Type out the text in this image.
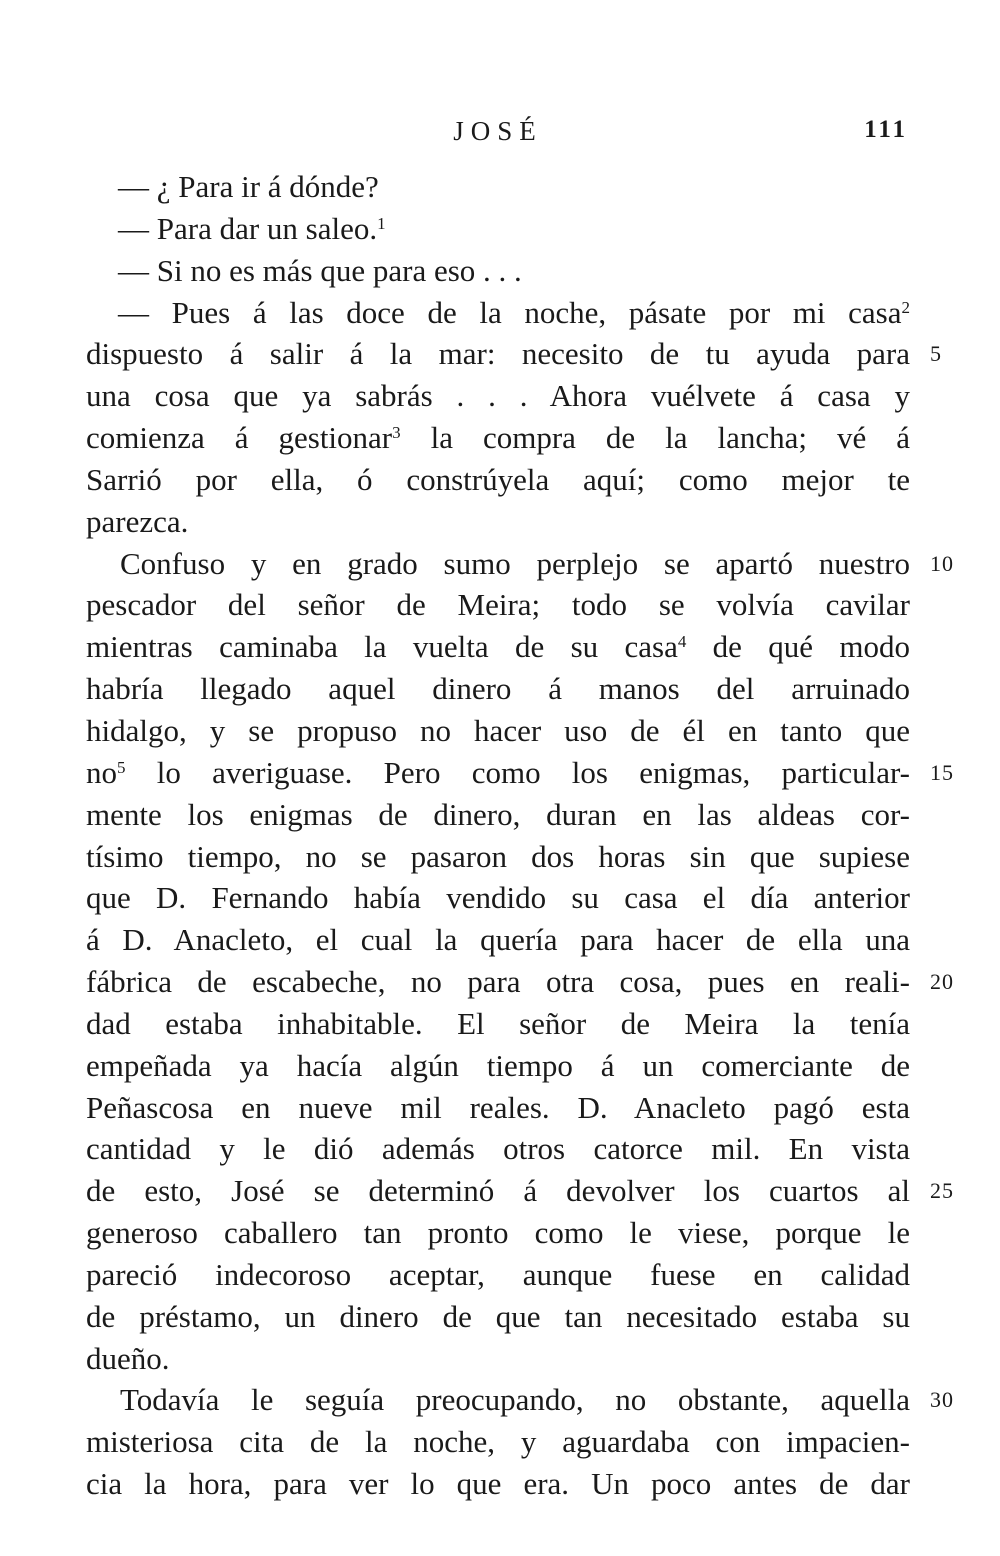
JOSÉ	111
— ¿ Para ir á dónde?
— Para dar un saleo.$^1$
— Si no es más que para eso . . .
— Pues á las doce de la noche, pásate por mi casa$^2$
dispuesto á salir á la mar: necesito de tu ayuda para 5
una cosa que ya sabrás . . . Ahora vuélvete á casa y
comienza á gestionar$^3$ la compra de la lancha; vé á
Sarrió por ella, ó constrúyela aquí; como mejor te
parezca.
Confuso y en grado sumo perplejo se apartó nuestro 10
pescador del señor de Meira; todo se volvía cavilar
mientras caminaba la vuelta de su casa$^4$ de qué modo
habría llegado aquel dinero á manos del arruinado
hidalgo, y se propuso no hacer uso de él en tanto que
$no^5$ lo averiguase. Pero como los enigmas, particular- 15
mente los enigmas de dinero, duran en las aldeas cor-
tísimo tiempo, no se pasaron dos horas sin que supiese
que D. Fernando había vendido su casa el día anterior
á D. Anacleto, el cual la quería para hacer de ella una
fábrica de escabeche, no para otra cosa, pues en reali- 20
dad estaba inhabitable. El señor de Meira la tenía
empeñada ya hacía algún tiempo á un comerciante de
Peñascosa en nueve mil reales. D. Anacleto pagó esta
cantidad y le dió además otros catorce mil. En vista
de esto, José se determinó á devolver los cuartos al 25
generoso caballero tan pronto como le viese, porque le
pareció indecoroso aceptar, aunque fuese en calidad
de préstamo, un dinero de que tan necesitado estaba su
dueño.
Todavía le seguía preocupando, no obstante, aquella 30
misteriosa cita de la noche, y aguardaba con impacien-
cia la hora, para ver lo que era. Un poco antes de dar
